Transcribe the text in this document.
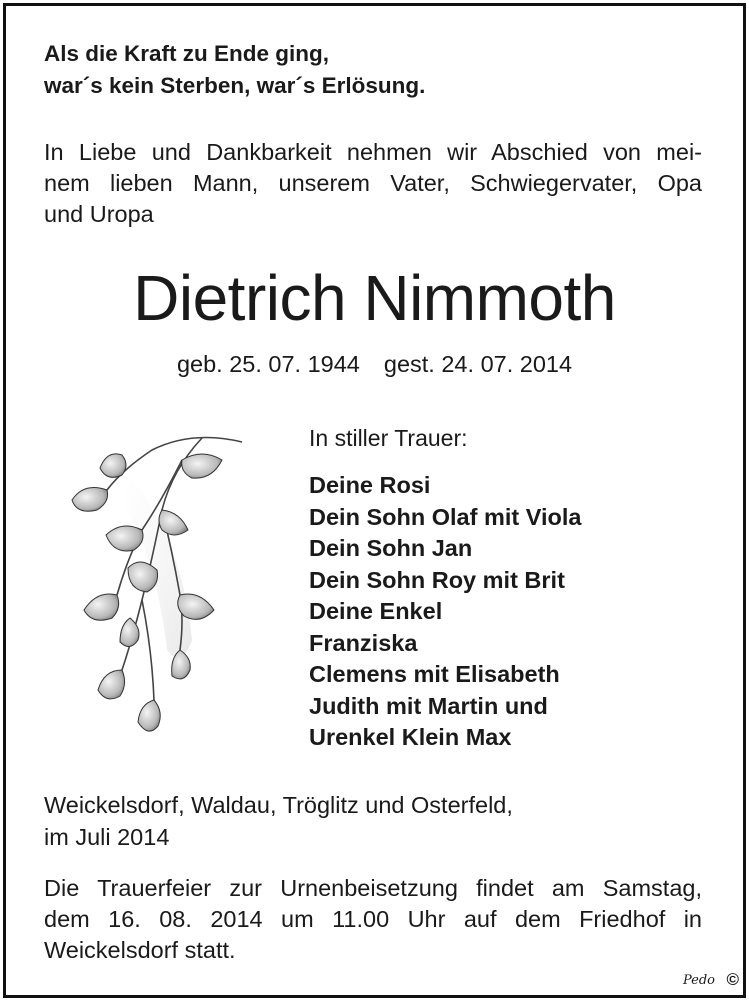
Als die Kraft zu Ende ging,
war´s kein Sterben, war´s Erlösung.
In Liebe und Dankbarkeit nehmen wir Abschied von mei-
nem lieben Mann, unserem Vater, Schwiegervater, Opa
und Uropa
Dietrich Nimmoth
geb. 25. 07. 1944 gest. 24. 07. 2014
In stiller Trauer:
Deine Rosi
Dein Sohn Olaf mit Viola
Dein Sohn Jan
Dein Sohn Roy mit Brit
Deine Enkel
Franziska
Clemens mit Elisabeth
Judith mit Martin und
Urenkel Klein Max
Weickelsdorf, Waldau, Tröglitz und Osterfeld,
im Juli 2014
Die Trauerfeier zur Urnenbeisetzung findet am Samstag,
dem 16. 08. 2014 um 11.00 Uhr auf dem Friedhof in
Weickelsdorf statt.
Pedo ©
